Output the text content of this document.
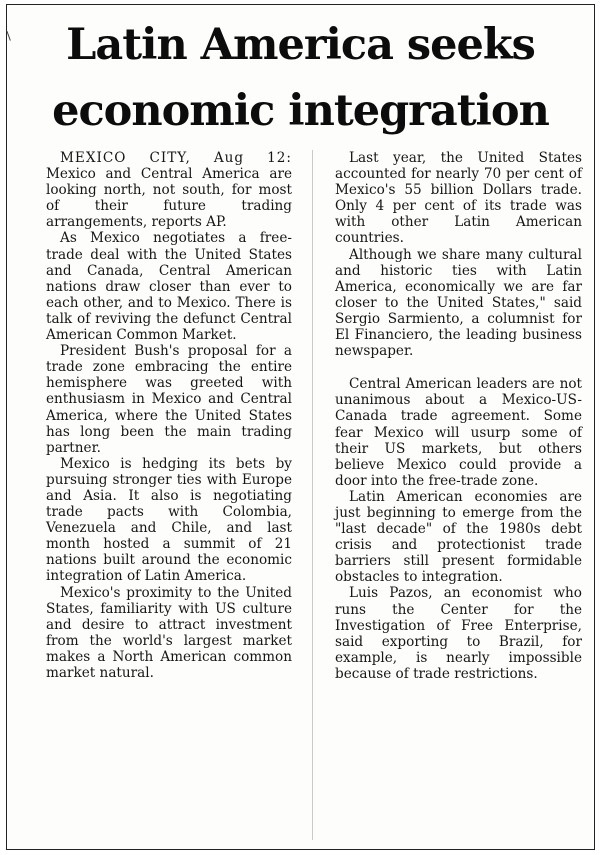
Latin America seeks
economic integration

MEXICO CITY, Aug 12: Mexico and Central America are looking north, not south, for most of their future trading arrangements, reports AP.

As Mexico negotiates a free-trade deal with the United States and Canada, Central American nations draw closer than ever to each other, and to Mexico. There is talk of reviving the defunct Central American Common Market.

President Bush's proposal for a trade zone embracing the entire hemisphere was greeted with enthusiasm in Mexico and Central America, where the United States has long been the main trading partner.

Mexico is hedging its bets by pursuing stronger ties with Europe and Asia. It also is negotiating trade pacts with Colombia, Venezuela and Chile, and last month hosted a summit of 21 nations built around the economic integration of Latin America.

Mexico's proximity to the United States, familiarity with US culture and desire to attract investment from the world's largest market makes a North American common market natural.

Last year, the United States accounted for nearly 70 per cent of Mexico's 55 billion Dollars trade. Only 4 per cent of its trade was with other Latin American countries.

Although we share many cultural and historic ties with Latin America, economically we are far closer to the United States," said Sergio Sarmiento, a columnist for El Financiero, the leading business newspaper.

Central American leaders are not unanimous about a Mexico-US-Canada trade agreement. Some fear Mexico will usurp some of their US markets, but others believe Mexico could provide a door into the free-trade zone.

Latin American economies are just beginning to emerge from the "last decade" of the 1980s debt crisis and protectionist trade barriers still present formidable obstacles to integration.

Luis Pazos, an economist who runs the Center for the Investigation of Free Enterprise, said exporting to Brazil, for example, is nearly impossible because of trade restrictions.
